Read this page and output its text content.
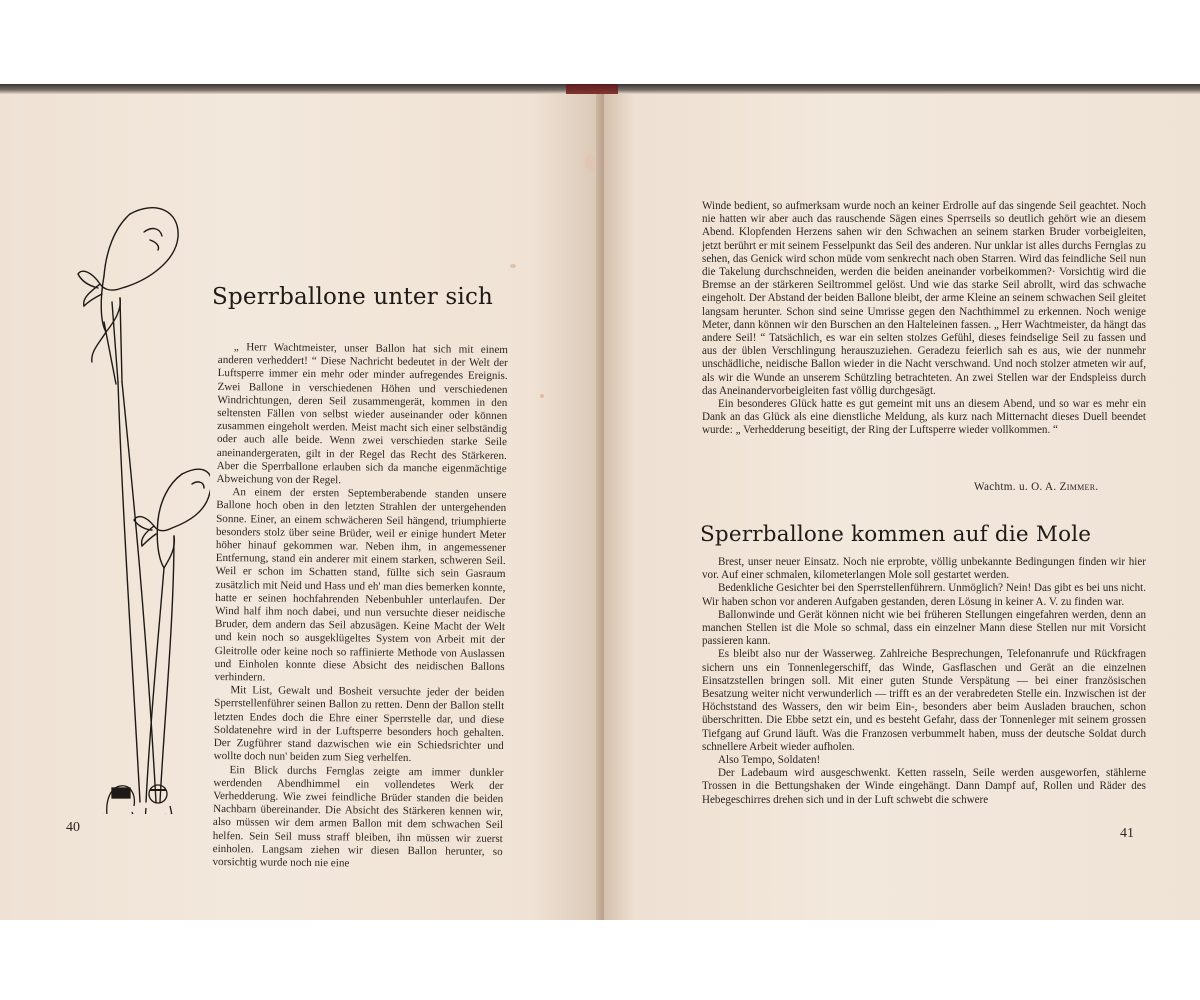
Sperrballone unter sich

„ Herr Wachtmeister, unser Ballon hat sich mit einem anderen verheddert! “ Diese Nachricht bedeutet in der Welt der Luftsperre immer ein mehr oder minder aufregendes Ereignis. Zwei Ballone in verschiedenen Höhen und verschiedenen Windrichtungen, deren Seil zusammengerät, kommen in den seltensten Fällen von selbst wieder auseinander oder können zusammen eingeholt werden. Meist macht sich einer selbständig oder auch alle beide. Wenn zwei verschieden starke Seile aneinandergeraten, gilt in der Regel das Recht des Stärkeren. Aber die Sperrballone erlauben sich da manche eigenmächtige Abweichung von der Regel.

An einem der ersten Septemberabende standen unsere Ballone hoch oben in den letzten Strahlen der untergehenden Sonne. Einer, an einem schwächeren Seil hängend, triumphierte besonders stolz über seine Brüder, weil er einige hundert Meter höher hinauf gekommen war. Neben ihm, in angemessener Entfernung, stand ein anderer mit einem starken, schweren Seil. Weil er schon im Schatten stand, füllte sich sein Gasraum zusätzlich mit Neid und Hass und eh' man dies bemerken konnte, hatte er seinen hochfahrenden Nebenbuhler unterlaufen. Der Wind half ihm noch dabei, und nun versuchte dieser neidische Bruder, dem andern das Seil abzusägen. Keine Macht der Welt und kein noch so ausgeklügeltes System von Arbeit mit der Gleitrolle oder keine noch so raffinierte Methode von Auslassen und Einholen konnte diese Absicht des neidischen Ballons verhindern.

Mit List, Gewalt und Bosheit versuchte jeder der beiden Sperrstellenführer seinen Ballon zu retten. Denn der Ballon stellt letzten Endes doch die Ehre einer Sperrstelle dar, und diese Soldatenehre wird in der Luftsperre besonders hoch gehalten. Der Zugführer stand dazwischen wie ein Schiedsrichter und wollte doch nun' beiden zum Sieg verhelfen.

Ein Blick durchs Fernglas zeigte am immer dunkler werdenden Abendhimmel ein vollendetes Werk der Verhedderung. Wie zwei feindliche Brüder standen die beiden Nachbarn übereinander. Die Absicht des Stärkeren kennen wir, also müssen wir dem armen Ballon mit dem schwachen Seil helfen. Sein Seil muss straff bleiben, ihn müssen wir zuerst einholen. Langsam ziehen wir diesen Ballon herunter, so vorsichtig wurde noch nie eine

40

Winde bedient, so aufmerksam wurde noch an keiner Erdrolle auf das singende Seil geachtet. Noch nie hatten wir aber auch das rauschende Sägen eines Sperrseils so deutlich gehört wie an diesem Abend. Klopfenden Herzens sahen wir den Schwachen an seinem starken Bruder vorbeigleiten, jetzt berührt er mit seinem Fesselpunkt das Seil des anderen. Nur unklar ist alles durchs Fernglas zu sehen, das Genick wird schon müde vom senkrecht nach oben Starren. Wird das feindliche Seil nun die Takelung durchschneiden, werden die beiden aneinander vorbeikommen?· Vorsichtig wird die Bremse an der stärkeren Seiltrommel gelöst. Und wie das starke Seil abrollt, wird das schwache eingeholt. Der Abstand der beiden Ballone bleibt, der arme Kleine an seinem schwachen Seil gleitet langsam herunter. Schon sind seine Umrisse gegen den Nachthimmel zu erkennen. Noch wenige Meter, dann können wir den Burschen an den Halteleinen fassen. „ Herr Wachtmeister, da hängt das andere Seil! “ Tatsächlich, es war ein selten stolzes Gefühl, dieses feindselige Seil zu fassen und aus der üblen Verschlingung herauszuziehen. Geradezu feierlich sah es aus, wie der nunmehr unschädliche, neidische Ballon wieder in die Nacht verschwand. Und noch stolzer atmeten wir auf, als wir die Wunde an unserem Schützling betrachteten. An zwei Stellen war der Endspleiss durch das Aneinandervorbeigleiten fast völlig durchgesägt.

Ein besonderes Glück hatte es gut gemeint mit uns an diesem Abend, und so war es mehr ein Dank an das Glück als eine dienstliche Meldung, als kurz nach Mitternacht dieses Duell beendet wurde: „ Verhedderung beseitigt, der Ring der Luftsperre wieder vollkommen. “

Wachtm. u. O. A. Zimmer.
Sperrballone kommen auf die Mole

Brest, unser neuer Einsatz. Noch nie erprobte, völlig unbekannte Bedingungen finden wir hier vor. Auf einer schmalen, kilometerlangen Mole soll gestartet werden.

Bedenkliche Gesichter bei den Sperrstellenführern. Unmöglich? Nein! Das gibt es bei uns nicht. Wir haben schon vor anderen Aufgaben gestanden, deren Lösung in keiner A. V. zu finden war.

Ballonwinde und Gerät können nicht wie bei früheren Stellungen eingefahren werden, denn an manchen Stellen ist die Mole so schmal, dass ein einzelner Mann diese Stellen nur mit Vorsicht passieren kann.

Es bleibt also nur der Wasserweg. Zahlreiche Besprechungen, Telefonanrufe und Rückfragen sichern uns ein Tonnenlegerschiff, das Winde, Gasflaschen und Gerät an die einzelnen Einsatzstellen bringen soll. Mit einer guten Stunde Verspätung — bei einer französischen Besatzung weiter nicht verwunderlich — trifft es an der verabredeten Stelle ein. Inzwischen ist der Höchststand des Wassers, den wir beim Ein-, besonders aber beim Ausladen brauchen, schon überschritten. Die Ebbe setzt ein, und es besteht Gefahr, dass der Tonnenleger mit seinem grossen Tiefgang auf Grund läuft. Was die Franzosen verbummelt haben, muss der deutsche Soldat durch schnellere Arbeit wieder aufholen.

Also Tempo, Soldaten!

Der Ladebaum wird ausgeschwenkt. Ketten rasseln, Seile werden ausgeworfen, stählerne Trossen in die Bettungshaken der Winde eingehängt. Dann Dampf auf, Rollen und Räder des Hebegeschirres drehen sich und in der Luft schwebt die schwere

41
